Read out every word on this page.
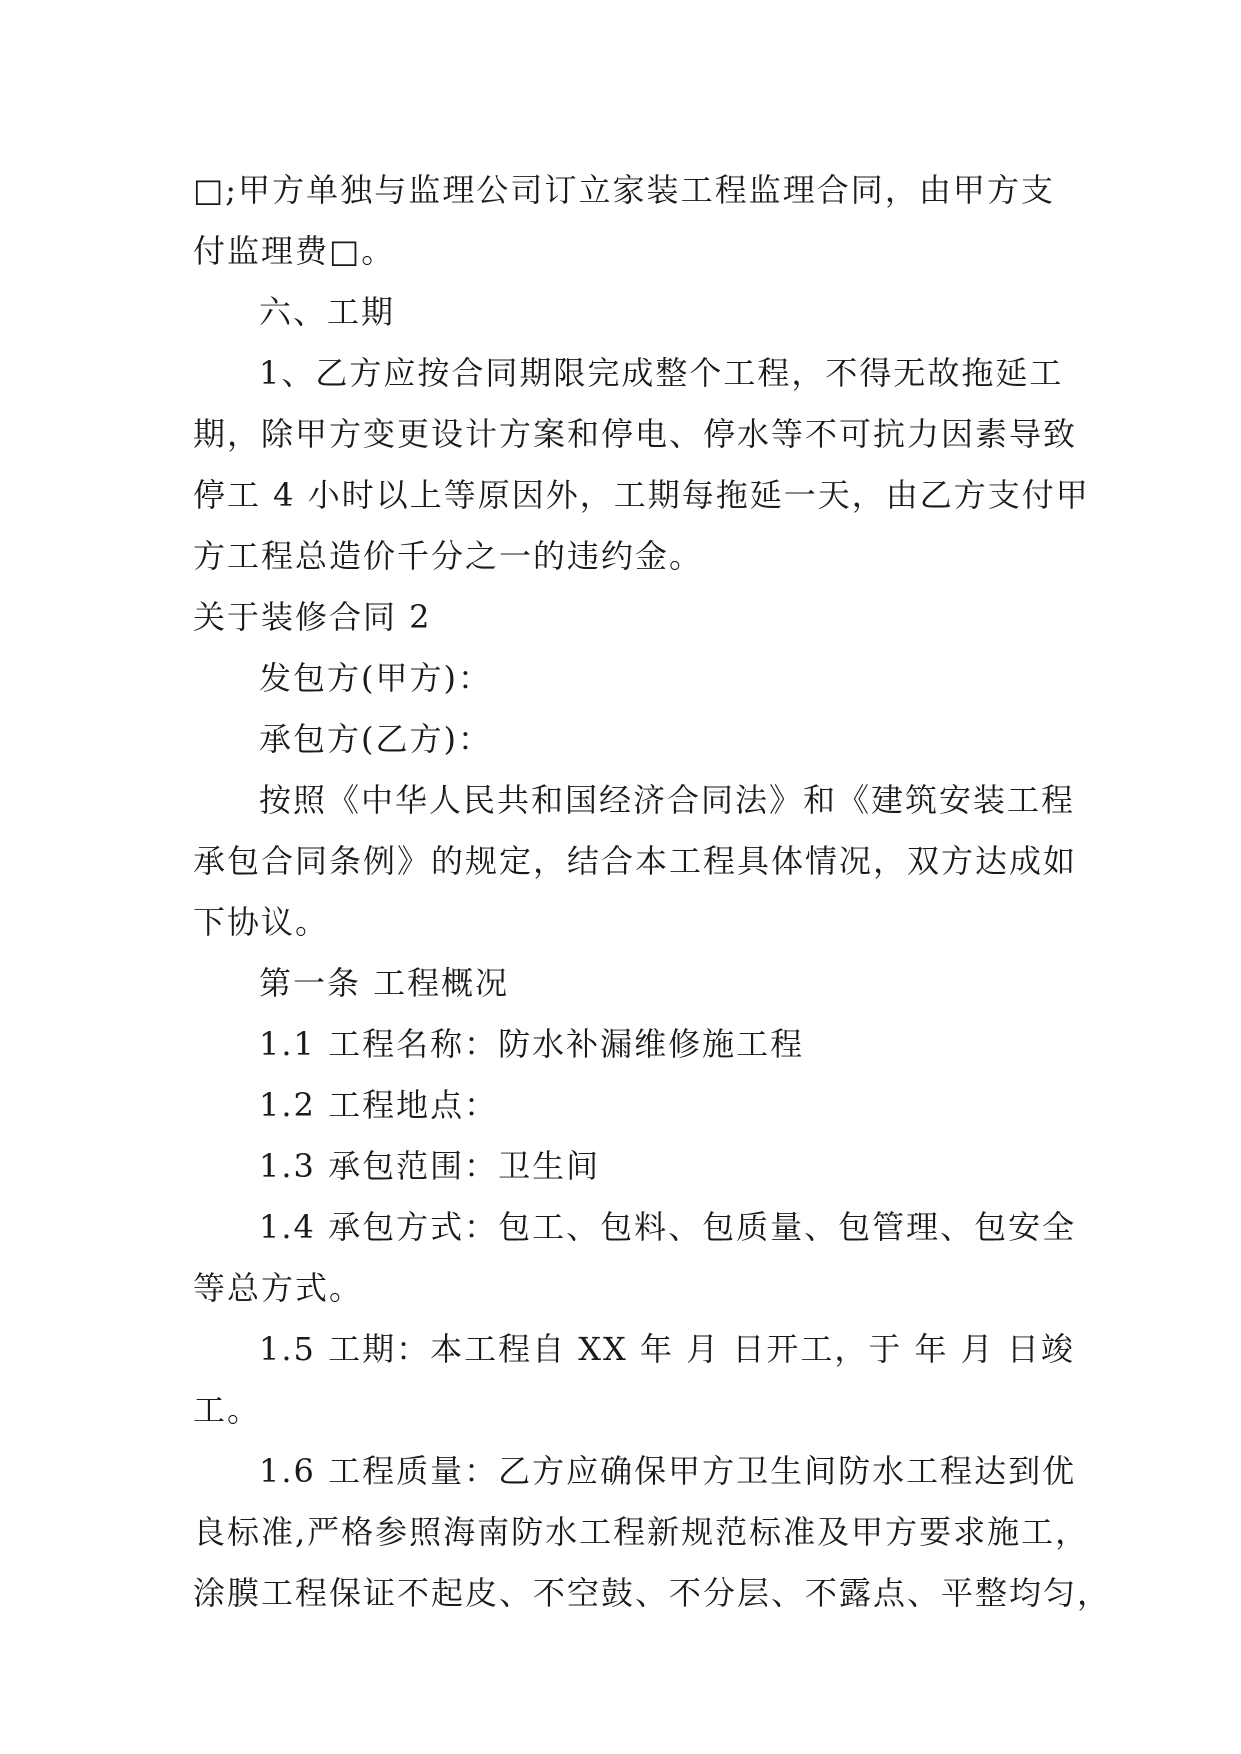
□;甲方单独与监理公司订立家装工程监理合同，由甲方支
付监理费□。
六、工期
1、乙方应按合同期限完成整个工程，不得无故拖延工
期，除甲方变更设计方案和停电、停水等不可抗力因素导致
停工 4 小时以上等原因外，工期每拖延一天，由乙方支付甲
方工程总造价千分之一的违约金。
关于装修合同 2
发包方(甲方)：
承包方(乙方)：
按照《中华人民共和国经济合同法》和《建筑安装工程
承包合同条例》的规定，结合本工程具体情况，双方达成如
下协议。
第一条 工程概况
1.1 工程名称：防水补漏维修施工程
1.2 工程地点：
1.3 承包范围：卫生间
1.4 承包方式：包工、包料、包质量、包管理、包安全
等总方式。
1.5 工期：本工程自 XX 年 月 日开工，于 年 月 日竣
工。
1.6 工程质量：乙方应确保甲方卫生间防水工程达到优
良标准,严格参照海南防水工程新规范标准及甲方要求施工，
涂膜工程保证不起皮、不空鼓、不分层、不露点、平整均匀，
